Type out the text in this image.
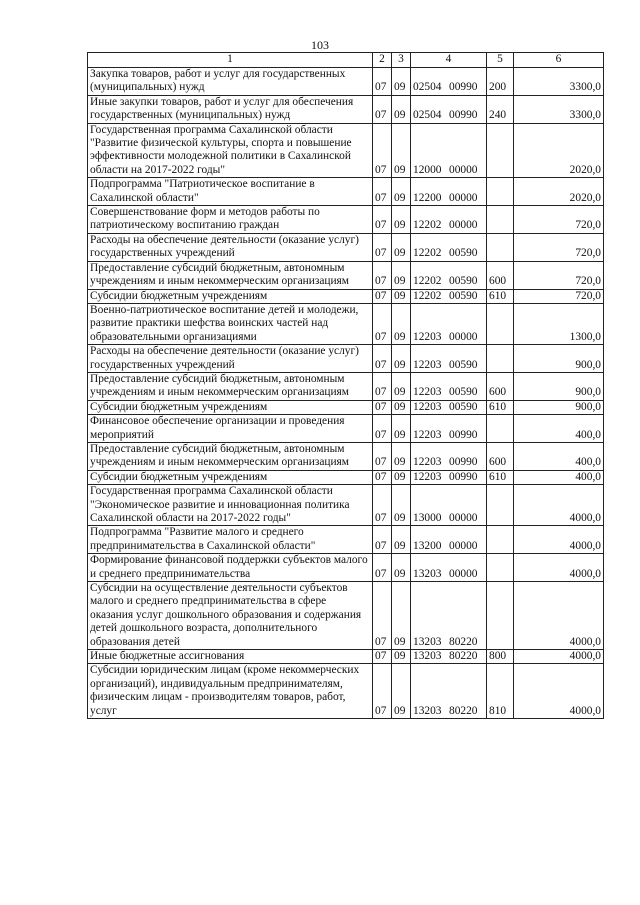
103
1	2	3	4	5	6
Закупка товаров, работ и услуг для государственных (муниципальных) нужд	07	09	02504 00990	200	3300,0
Иные закупки товаров, работ и услуг для обеспечения государственных (муниципальных) нужд	07	09	02504 00990	240	3300,0
Государственная программа Сахалинской области "Развитие физической культуры, спорта и повышение эффективности молодежной политики в Сахалинской области на 2017-2022 годы"	07	09	12000 00000		2020,0
Подпрограмма "Патриотическое воспитание в Сахалинской области"	07	09	12200 00000		2020,0
Совершенствование форм и методов работы по патриотическому воспитанию граждан	07	09	12202 00000		720,0
Расходы на обеспечение деятельности (оказание услуг) государственных учреждений	07	09	12202 00590		720,0
Предоставление субсидий бюджетным, автономным учреждениям и иным некоммерческим организациям	07	09	12202 00590	600	720,0
Субсидии бюджетным учреждениям	07	09	12202 00590	610	720,0
Военно-патриотическое воспитание детей и молодежи, развитие практики шефства воинских частей над образовательными организациями	07	09	12203 00000		1300,0
Расходы на обеспечение деятельности (оказание услуг) государственных учреждений	07	09	12203 00590		900,0
Предоставление субсидий бюджетным, автономным учреждениям и иным некоммерческим организациям	07	09	12203 00590	600	900,0
Субсидии бюджетным учреждениям	07	09	12203 00590	610	900,0
Финансовое обеспечение организации и проведения мероприятий	07	09	12203 00990		400,0
Предоставление субсидий бюджетным, автономным учреждениям и иным некоммерческим организациям	07	09	12203 00990	600	400,0
Субсидии бюджетным учреждениям	07	09	12203 00990	610	400,0
Государственная программа Сахалинской области "Экономическое развитие и инновационная политика Сахалинской области на 2017-2022 годы"	07	09	13000 00000		4000,0
Подпрограмма "Развитие малого и среднего предпринимательства в Сахалинской области"	07	09	13200 00000		4000,0
Формирование финансовой поддержки субъектов малого и среднего предпринимательства	07	09	13203 00000		4000,0
Субсидии на осуществление деятельности субъектов малого и среднего предпринимательства в сфере оказания услуг дошкольного образования и содержания детей дошкольного возраста, дополнительного образования детей	07	09	13203 80220		4000,0
Иные бюджетные ассигнования	07	09	13203 80220	800	4000,0
Субсидии юридическим лицам (кроме некоммерческих организаций), индивидуальным предпринимателям, физическим лицам - производителям товаров, работ, услуг	07	09	13203 80220	810	4000,0
